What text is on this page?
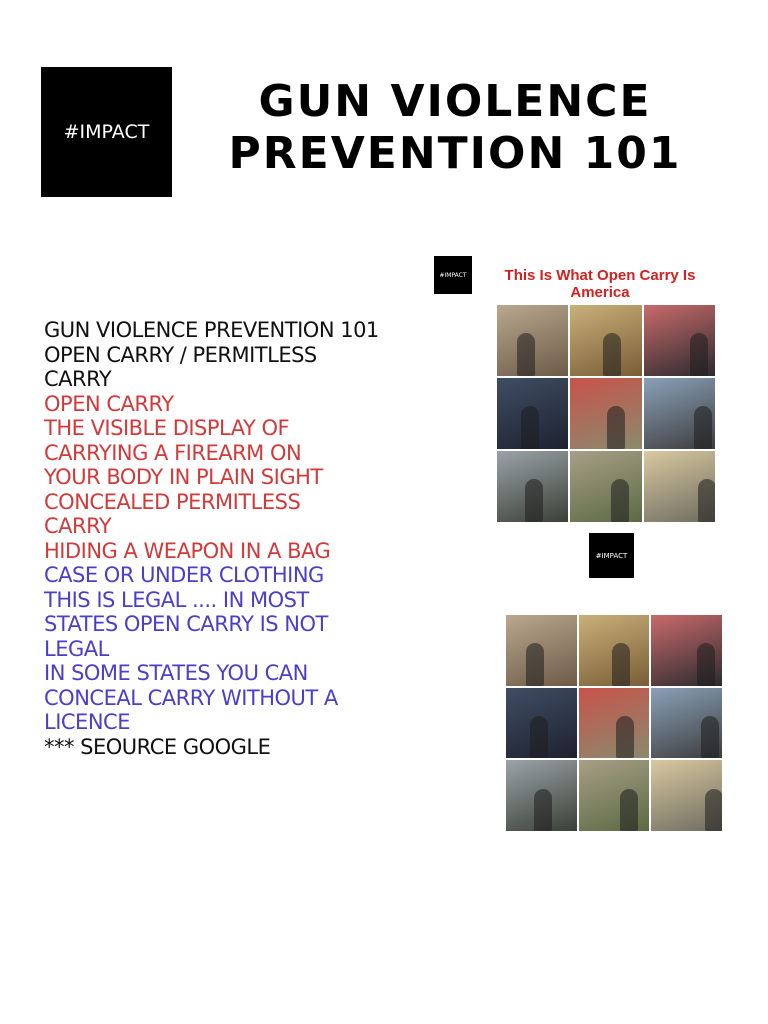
#IMPACT
GUN VIOLENCE
PREVENTION 101
GUN VIOLENCE PREVENTION 101
OPEN CARRY / PERMITLESS
CARRY
OPEN CARRY
THE VISIBLE DISPLAY OF
CARRYING A FIREARM ON
YOUR BODY IN PLAIN SIGHT
CONCEALED PERMITLESS
CARRY
HIDING A WEAPON IN A BAG
CASE OR UNDER CLOTHING
THIS IS LEGAL .... IN MOST
STATES OPEN CARRY IS NOT
LEGAL
IN SOME STATES YOU CAN
CONCEAL CARRY WITHOUT A
LICENCE
*** SEOURCE GOOGLE
#IMPACT	This Is What Open Carry Is
America
#IMPACT
